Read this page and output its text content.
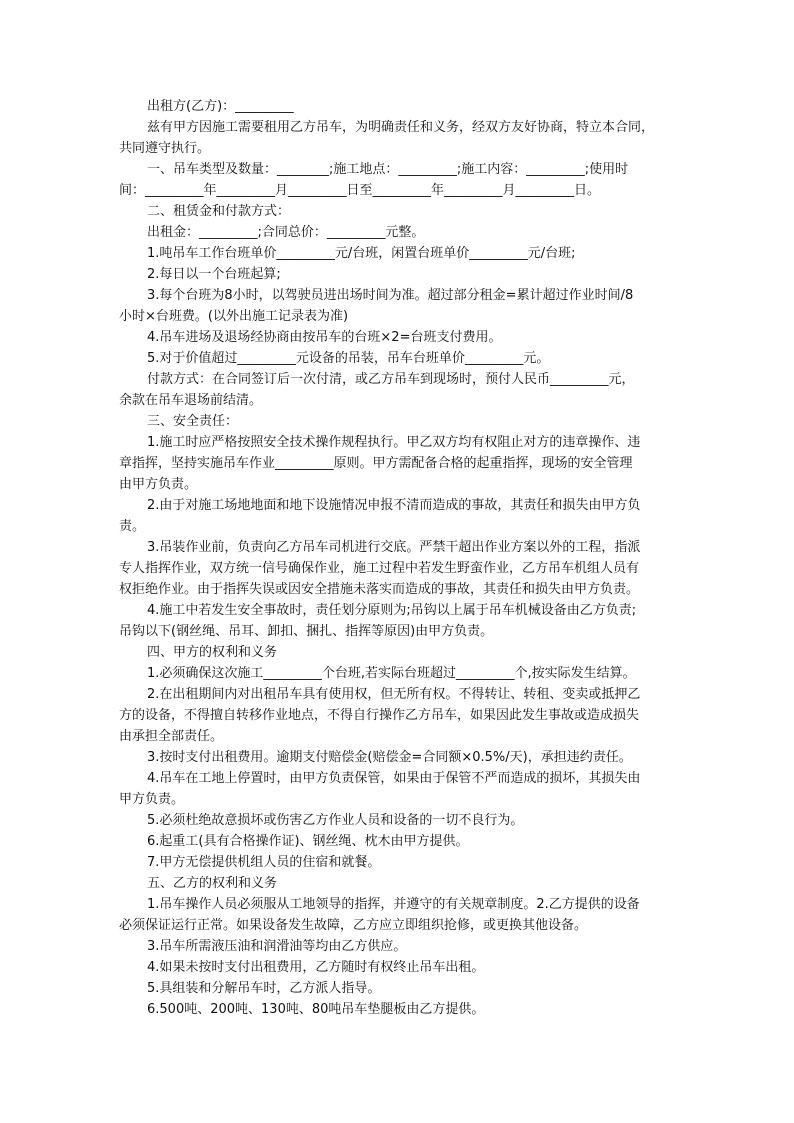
出租方(乙方)：_________
兹有甲方因施工需要租用乙方吊车，为明确责任和义务，经双方友好协商，特立本合同，
共同遵守执行。
一、吊车类型及数量：________;施工地点：_________;施工内容：_________;使用时
间：_________年_________月_________日至_________年_________月_________日。
二、租赁金和付款方式：
出租金：_________;合同总价：_________元整。
1.吨吊车工作台班单价_________元/台班，闲置台班单价_________元/台班;
2.每日以一个台班起算;
3.每个台班为8小时，以驾驶员进出场时间为准。超过部分租金=累计超过作业时间/8
小时×台班费。(以外出施工记录表为准)
4.吊车进场及退场经协商由按吊车的台班×2=台班支付费用。
5.对于价值超过_________元设备的吊装，吊车台班单价_________元。
付款方式：在合同签订后一次付清，或乙方吊车到现场时，预付人民币_________元，
余款在吊车退场前结清。
三、安全责任：
1.施工时应严格按照安全技术操作规程执行。甲乙双方均有权阻止对方的违章操作、违
章指挥，坚持实施吊车作业_________原则。甲方需配备合格的起重指挥，现场的安全管理
由甲方负责。
2.由于对施工场地地面和地下设施情况申报不清而造成的事故，其责任和损失由甲方负
责。
3.吊装作业前，负责向乙方吊车司机进行交底。严禁干超出作业方案以外的工程，指派
专人指挥作业，双方统一信号确保作业，施工过程中若发生野蛮作业，乙方吊车机组人员有
权拒绝作业。由于指挥失误或因安全措施未落实而造成的事故，其责任和损失由甲方负责。
4.施工中若发生安全事故时，责任划分原则为;吊钩以上属于吊车机械设备由乙方负责;
吊钩以下(钢丝绳、吊耳、卸扣、捆扎、指挥等原因)由甲方负责。
四、甲方的权利和义务
1.必须确保这次施工_________个台班,若实际台班超过_________个,按实际发生结算。
2.在出租期间内对出租吊车具有使用权，但无所有权。不得转让、转租、变卖或抵押乙
方的设备，不得擅自转移作业地点，不得自行操作乙方吊车，如果因此发生事故或造成损失
由承担全部责任。
3.按时支付出租费用。逾期支付赔偿金(赔偿金=合同额×0.5%/天)，承担违约责任。
4.吊车在工地上停置时，由甲方负责保管，如果由于保管不严而造成的损坏，其损失由
甲方负责。
5.必须杜绝故意损坏或伤害乙方作业人员和设备的一切不良行为。
6.起重工(具有合格操作证)、钢丝绳、枕木由甲方提供。
7.甲方无偿提供机组人员的住宿和就餐。
五、乙方的权利和义务
1.吊车操作人员必须服从工地领导的指挥，并遵守的有关规章制度。2.乙方提供的设备
必须保证运行正常。如果设备发生故障，乙方应立即组织抢修，或更换其他设备。
3.吊车所需液压油和润滑油等均由乙方供应。
4.如果未按时支付出租费用，乙方随时有权终止吊车出租。
5.具组装和分解吊车时，乙方派人指导。
6.500吨、200吨、130吨、80吨吊车垫腿板由乙方提供。
